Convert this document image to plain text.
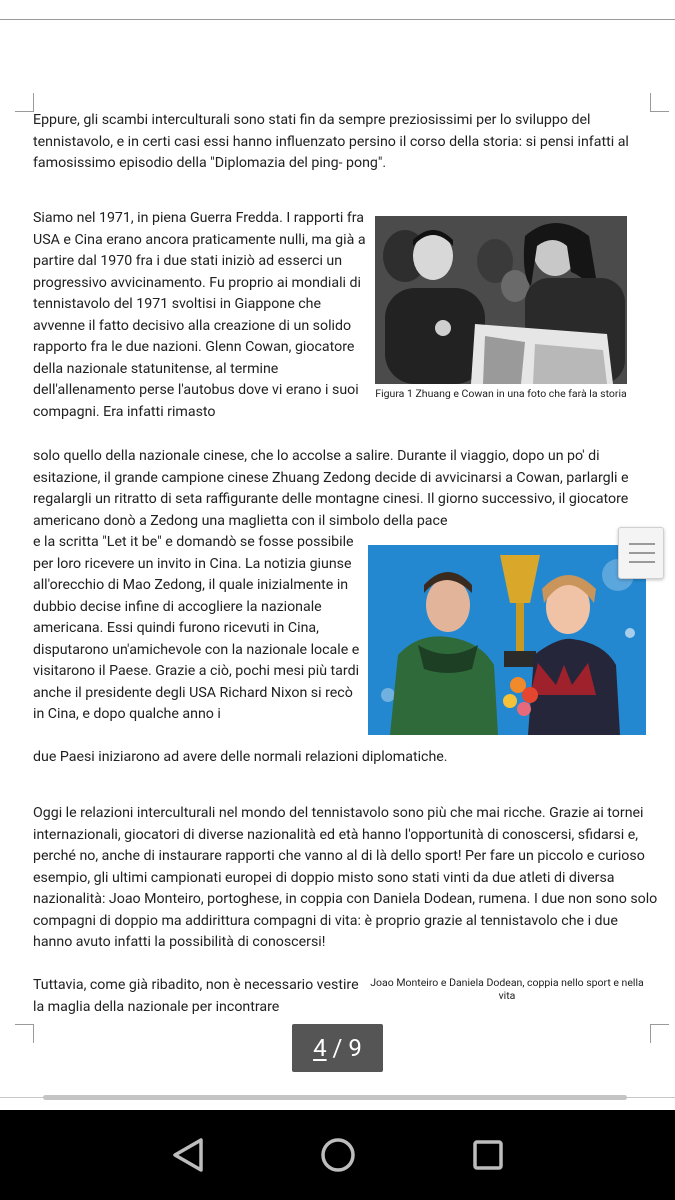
Eppure, gli scambi interculturali sono stati fin da sempre preziosissimi per lo sviluppo del tennistavolo, e in certi casi essi hanno influenzato persino il corso della storia: si pensi infatti al famosissimo episodio della "Diplomazia del ping- pong".

Siamo nel 1971, in piena Guerra Fredda. I rapporti fra USA e Cina erano ancora praticamente nulli, ma già a partire dal 1970 fra i due stati iniziò ad esserci un progressivo avvicinamento. Fu proprio ai mondiali di tennistavolo del 1971 svoltisi in Giappone che avvenne il fatto decisivo alla creazione di un solido rapporto fra le due nazioni. Glenn Cowan, giocatore della nazionale statunitense, al termine dell'allenamento perse l'autobus dove vi erano i suoi compagni. Era infatti rimasto

solo quello della nazionale cinese, che lo accolse a salire. Durante il viaggio, dopo un po' di esitazione, il grande campione cinese Zhuang Zedong decide di avvicinarsi a Cowan, parlargli e regalargli un ritratto di seta raffigurante delle montagne cinesi. Il giorno successivo, il giocatore americano donò a Zedong una maglietta con il simbolo della pace

e la scritta "Let it be" e domandò se fosse possibile per loro ricevere un invito in Cina. La notizia giunse all'orecchio di Mao Zedong, il quale inizialmente in dubbio decise infine di accogliere la nazionale americana. Essi quindi furono ricevuti in Cina, disputarono un'amichevole con la nazionale locale e visitarono il Paese. Grazie a ciò, pochi mesi più tardi anche il presidente degli USA Richard Nixon si recò in Cina, e dopo qualche anno i

due Paesi iniziarono ad avere delle normali relazioni diplomatiche.

Oggi le relazioni interculturali nel mondo del tennistavolo sono più che mai ricche. Grazie ai tornei internazionali, giocatori di diverse nazionalità ed età hanno l'opportunità di conoscersi, sfidarsi e, perché no, anche di instaurare rapporti che vanno al di là dello sport! Per fare un piccolo e curioso esempio, gli ultimi campionati europei di doppio misto sono stati vinti da due atleti di diversa nazionalità: Joao Monteiro, portoghese, in coppia con Daniela Dodean, rumena. I due non sono solo compagni di doppio ma addirittura compagni di vita: è proprio grazie al tennistavolo che i due hanno avuto infatti la possibilità di conoscersi!

Tuttavia, come già ribadito, non è necessario vestire la maglia della nazionale per incontrare

Figura 1 Zhuang e Cowan in una foto che farà la storia
Joao Monteiro e Daniela Dodean, coppia nello sport e nella vita
4 / 9
